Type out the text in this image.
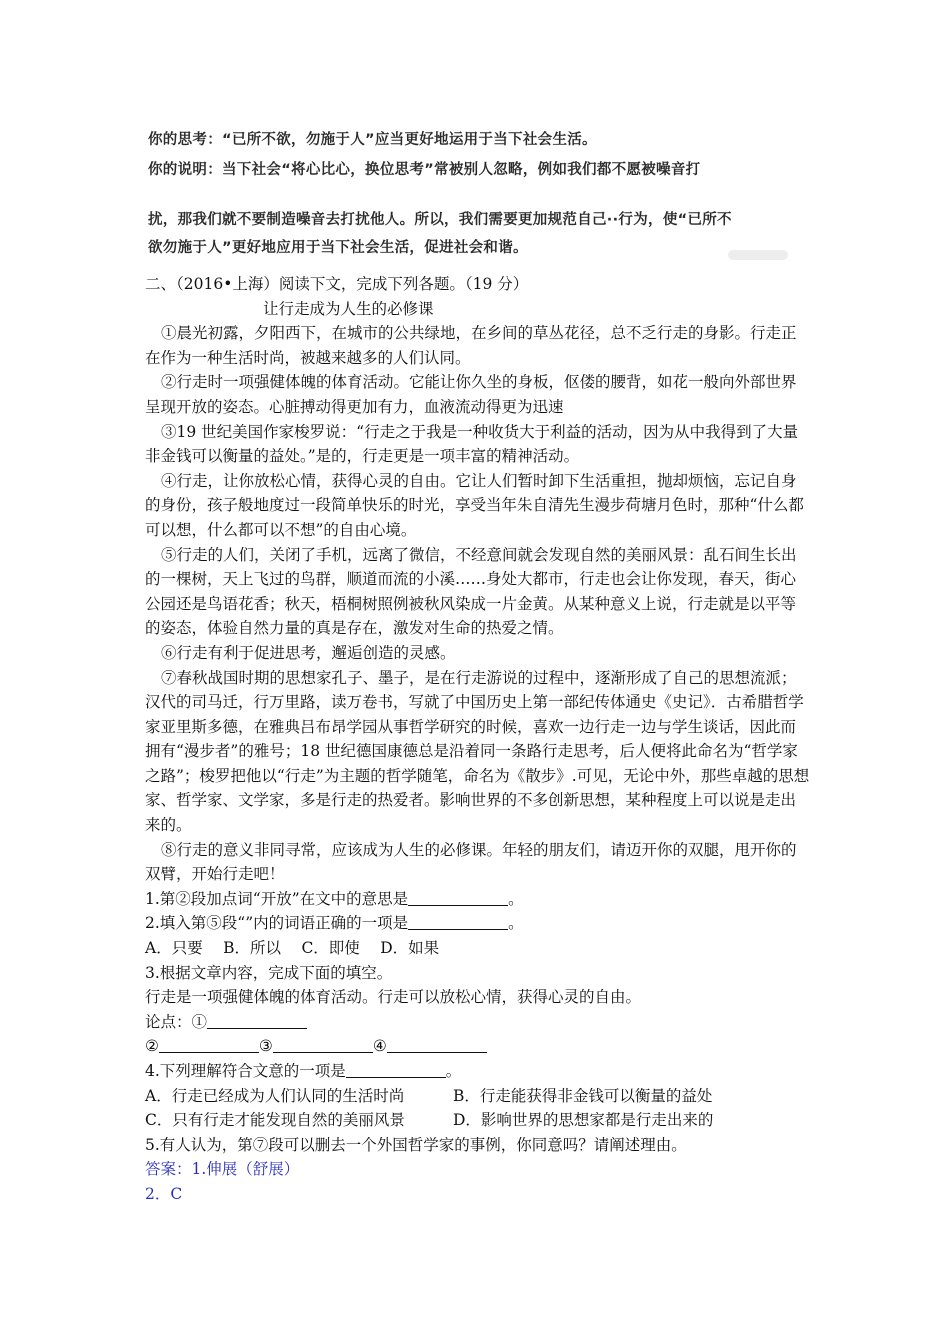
你的思考：“已所不欲，勿施于人”应当更好地运用于当下社会生活。
你的说明：当下社会“将心比心，换位思考”常被别人忽略，例如我们都不愿被噪音打
扰，那我们就不要制造噪音去打扰他人。所以，我们需要更加规范自己··行为，使“已所不
欲勿施于人”更好地应用于当下社会生活，促进社会和谐。

二、（2016•上海）阅读下文，完成下列各题。（19 分）

让行走成为人生的必修课

①晨光初露，夕阳西下，在城市的公共绿地，在乡间的草丛花径，总不乏行走的身影。行走正在作为一种生活时尚，被越来越多的人们认同。

②行走时一项强健体魄的体育活动。它能让你久坐的身板，伛偻的腰背，如花一般向外部世界呈现开放的姿态。心脏搏动得更加有力，血液流动得更为迅速

③19 世纪美国作家梭罗说：“行走之于我是一种收货大于利益的活动，因为从中我得到了大量非金钱可以衡量的益处。”是的，行走更是一项丰富的精神活动。

④行走，让你放松心情，获得心灵的自由。它让人们暂时卸下生活重担，抛却烦恼，忘记自身的身份，孩子般地度过一段简单快乐的时光，享受当年朱自清先生漫步荷塘月色时，那种“什么都可以想，什么都可以不想”的自由心境。

⑤行走的人们，关闭了手机，远离了微信，不经意间就会发现自然的美丽风景：乱石间生长出的一棵树，天上飞过的鸟群，顺道而流的小溪……身处大都市，行走也会让你发现，春天，街心公园还是鸟语花香；秋天，梧桐树照例被秋风染成一片金黄。从某种意义上说，行走就是以平等的姿态，体验自然力量的真是存在，激发对生命的热爱之情。

⑥行走有利于促进思考，邂逅创造的灵感。

⑦春秋战国时期的思想家孔子、墨子，是在行走游说的过程中，逐渐形成了自己的思想流派；汉代的司马迁，行万里路，读万卷书，写就了中国历史上第一部纪传体通史《史记》．古希腊哲学家亚里斯多德，在雅典吕布昂学园从事哲学研究的时候，喜欢一边行走一边与学生谈话，因此而拥有“漫步者”的雅号；18 世纪德国康德总是沿着同一条路行走思考，后人便将此命名为“哲学家之路”；梭罗把他以“行走”为主题的哲学随笔，命名为《散步》.可见，无论中外，那些卓越的思想家、哲学家、文学家，多是行走的热爱者。影响世界的不多创新思想，某种程度上可以说是走出来的。

⑧行走的意义非同寻常，应该成为人生的必修课。年轻的朋友们，请迈开你的双腿，甩开你的双臂，开始行走吧！

1.第②段加点词“开放”在文中的意思是	。

2.填入第⑤段“”内的词语正确的一项是	。

A．只要　 B．所以　 C．即使　 D．如果

3.根据文章内容，完成下面的填空。

行走是一项强健体魄的体育活动。行走可以放松心情，获得心灵的自由。

论点：①

②	③	④

4.下列理解符合文意的一项是	。

A．行走已经成为人们认同的生活时尚	B．行走能获得非金钱可以衡量的益处
C．只有行走才能发现自然的美丽风景	D．影响世界的思想家都是行走出来的

5.有人认为，第⑦段可以删去一个外国哲学家的事例，你同意吗？请阐述理由。

答案：1.伸展（舒展）

2．C
